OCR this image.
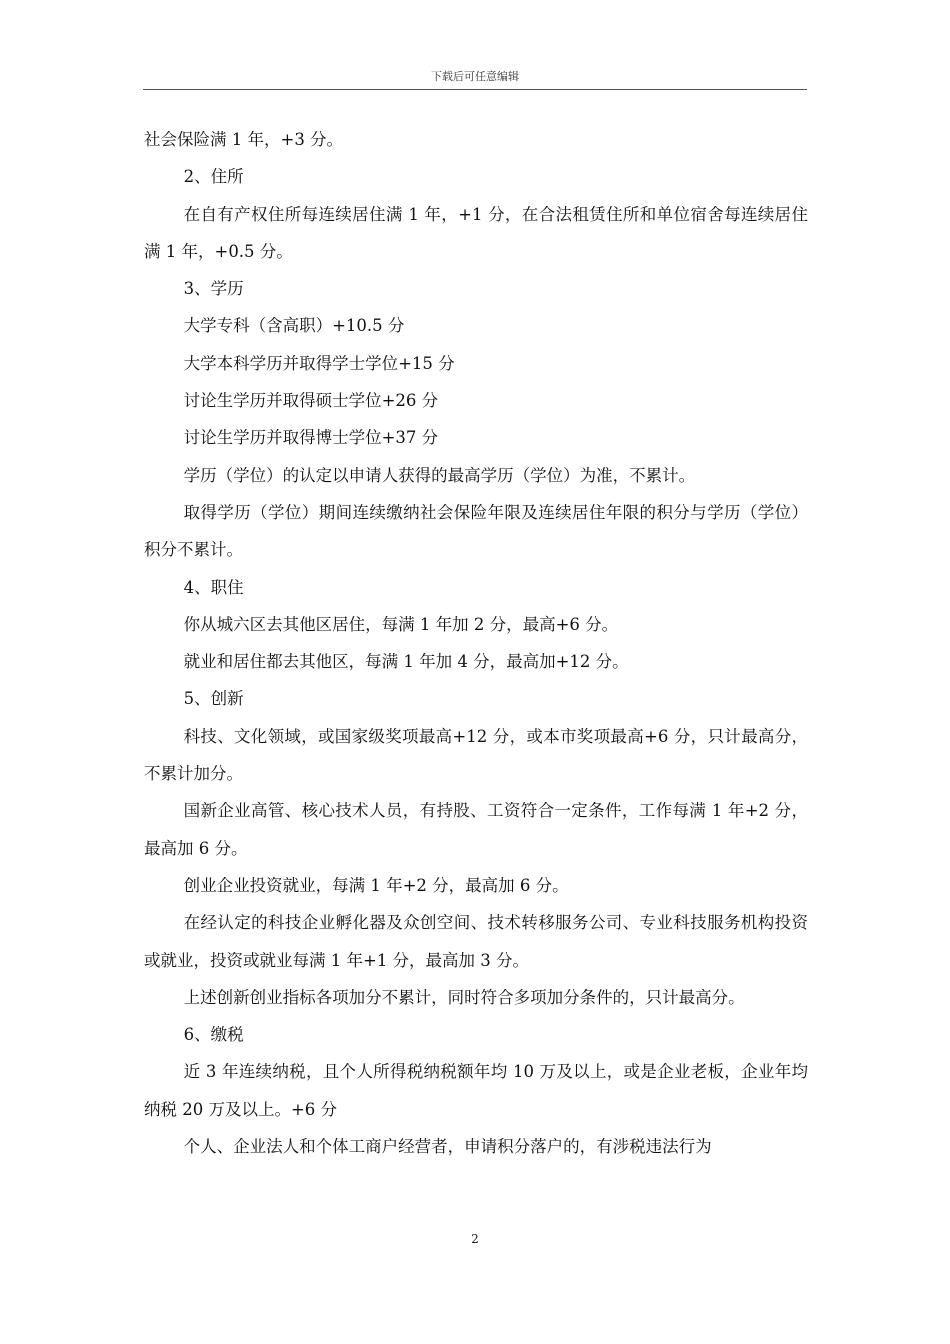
下载后可任意编辑

社会保险满 1 年，+3 分。

2、住所

在自有产权住所每连续居住满 1 年，+1 分，在合法租赁住所和单位宿舍每连续居住满 1 年，+0.5 分。

3、学历

大学专科（含高职）+10.5 分

大学本科学历并取得学士学位+15 分

讨论生学历并取得硕士学位+26 分

讨论生学历并取得博士学位+37 分

学历（学位）的认定以申请人获得的最高学历（学位）为准，不累计。

取得学历（学位）期间连续缴纳社会保险年限及连续居住年限的积分与学历（学位）积分不累计。

4、职住

你从城六区去其他区居住，每满 1 年加 2 分，最高+6 分。

就业和居住都去其他区，每满 1 年加 4 分，最高加+12 分。

5、创新

科技、文化领域，或国家级奖项最高+12 分，或本市奖项最高+6 分，只计最高分，不累计加分。

国新企业高管、核心技术人员，有持股、工资符合一定条件，工作每满 1 年+2 分，最高加 6 分。

创业企业投资就业，每满 1 年+2 分，最高加 6 分。

在经认定的科技企业孵化器及众创空间、技术转移服务公司、专业科技服务机构投资或就业，投资或就业每满 1 年+1 分，最高加 3 分。

上述创新创业指标各项加分不累计，同时符合多项加分条件的，只计最高分。

6、缴税

近 3 年连续纳税，且个人所得税纳税额年均 10 万及以上，或是企业老板，企业年均纳税 20 万及以上。+6 分

个人、企业法人和个体工商户经营者，申请积分落户的，有涉税违法行为

2
